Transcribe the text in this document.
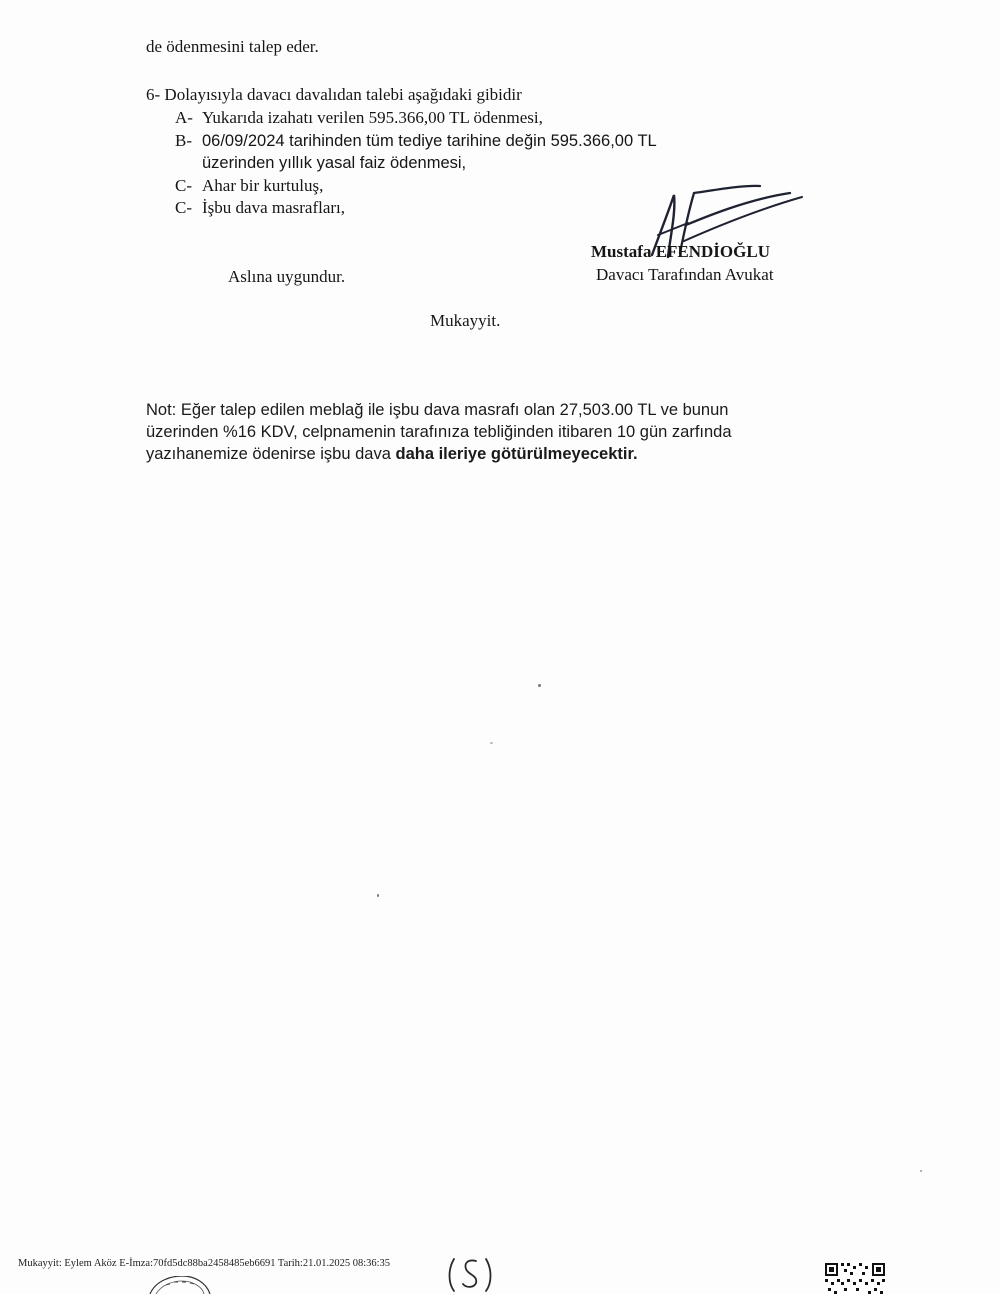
de ödenmesini talep eder.
6- Dolayısıyla davacı davalıdan talebi aşağıdaki gibidir
A- Yukarıda izahatı verilen 595.366,00 TL ödenmesi,
B- 06/09/2024 tarihinden tüm tediye tarihine değin 595.366,00 TL
üzerinden yıllık yasal faiz ödenmesi,
C- Ahar bir kurtuluş,
C- İşbu dava masrafları,
Mustafa EFENDİOĞLU
Davacı Tarafından Avukat
Aslına uygundur.
Mukayyit.

Not: Eğer talep edilen meblağ ile işbu dava masrafı olan 27,503.00 TL ve bunun

üzerinden %16 KDV, celpnamenin tarafınıza tebliğinden itibaren 10 gün zarfında

yazıhanemize ödenirse işbu dava daha ileriye götürülmeyecektir.

Mukayyit: Eylem Aköz E-İmza:70fd5dc88ba2458485eb6691 Tarih:21.01.2025 08:36:35
